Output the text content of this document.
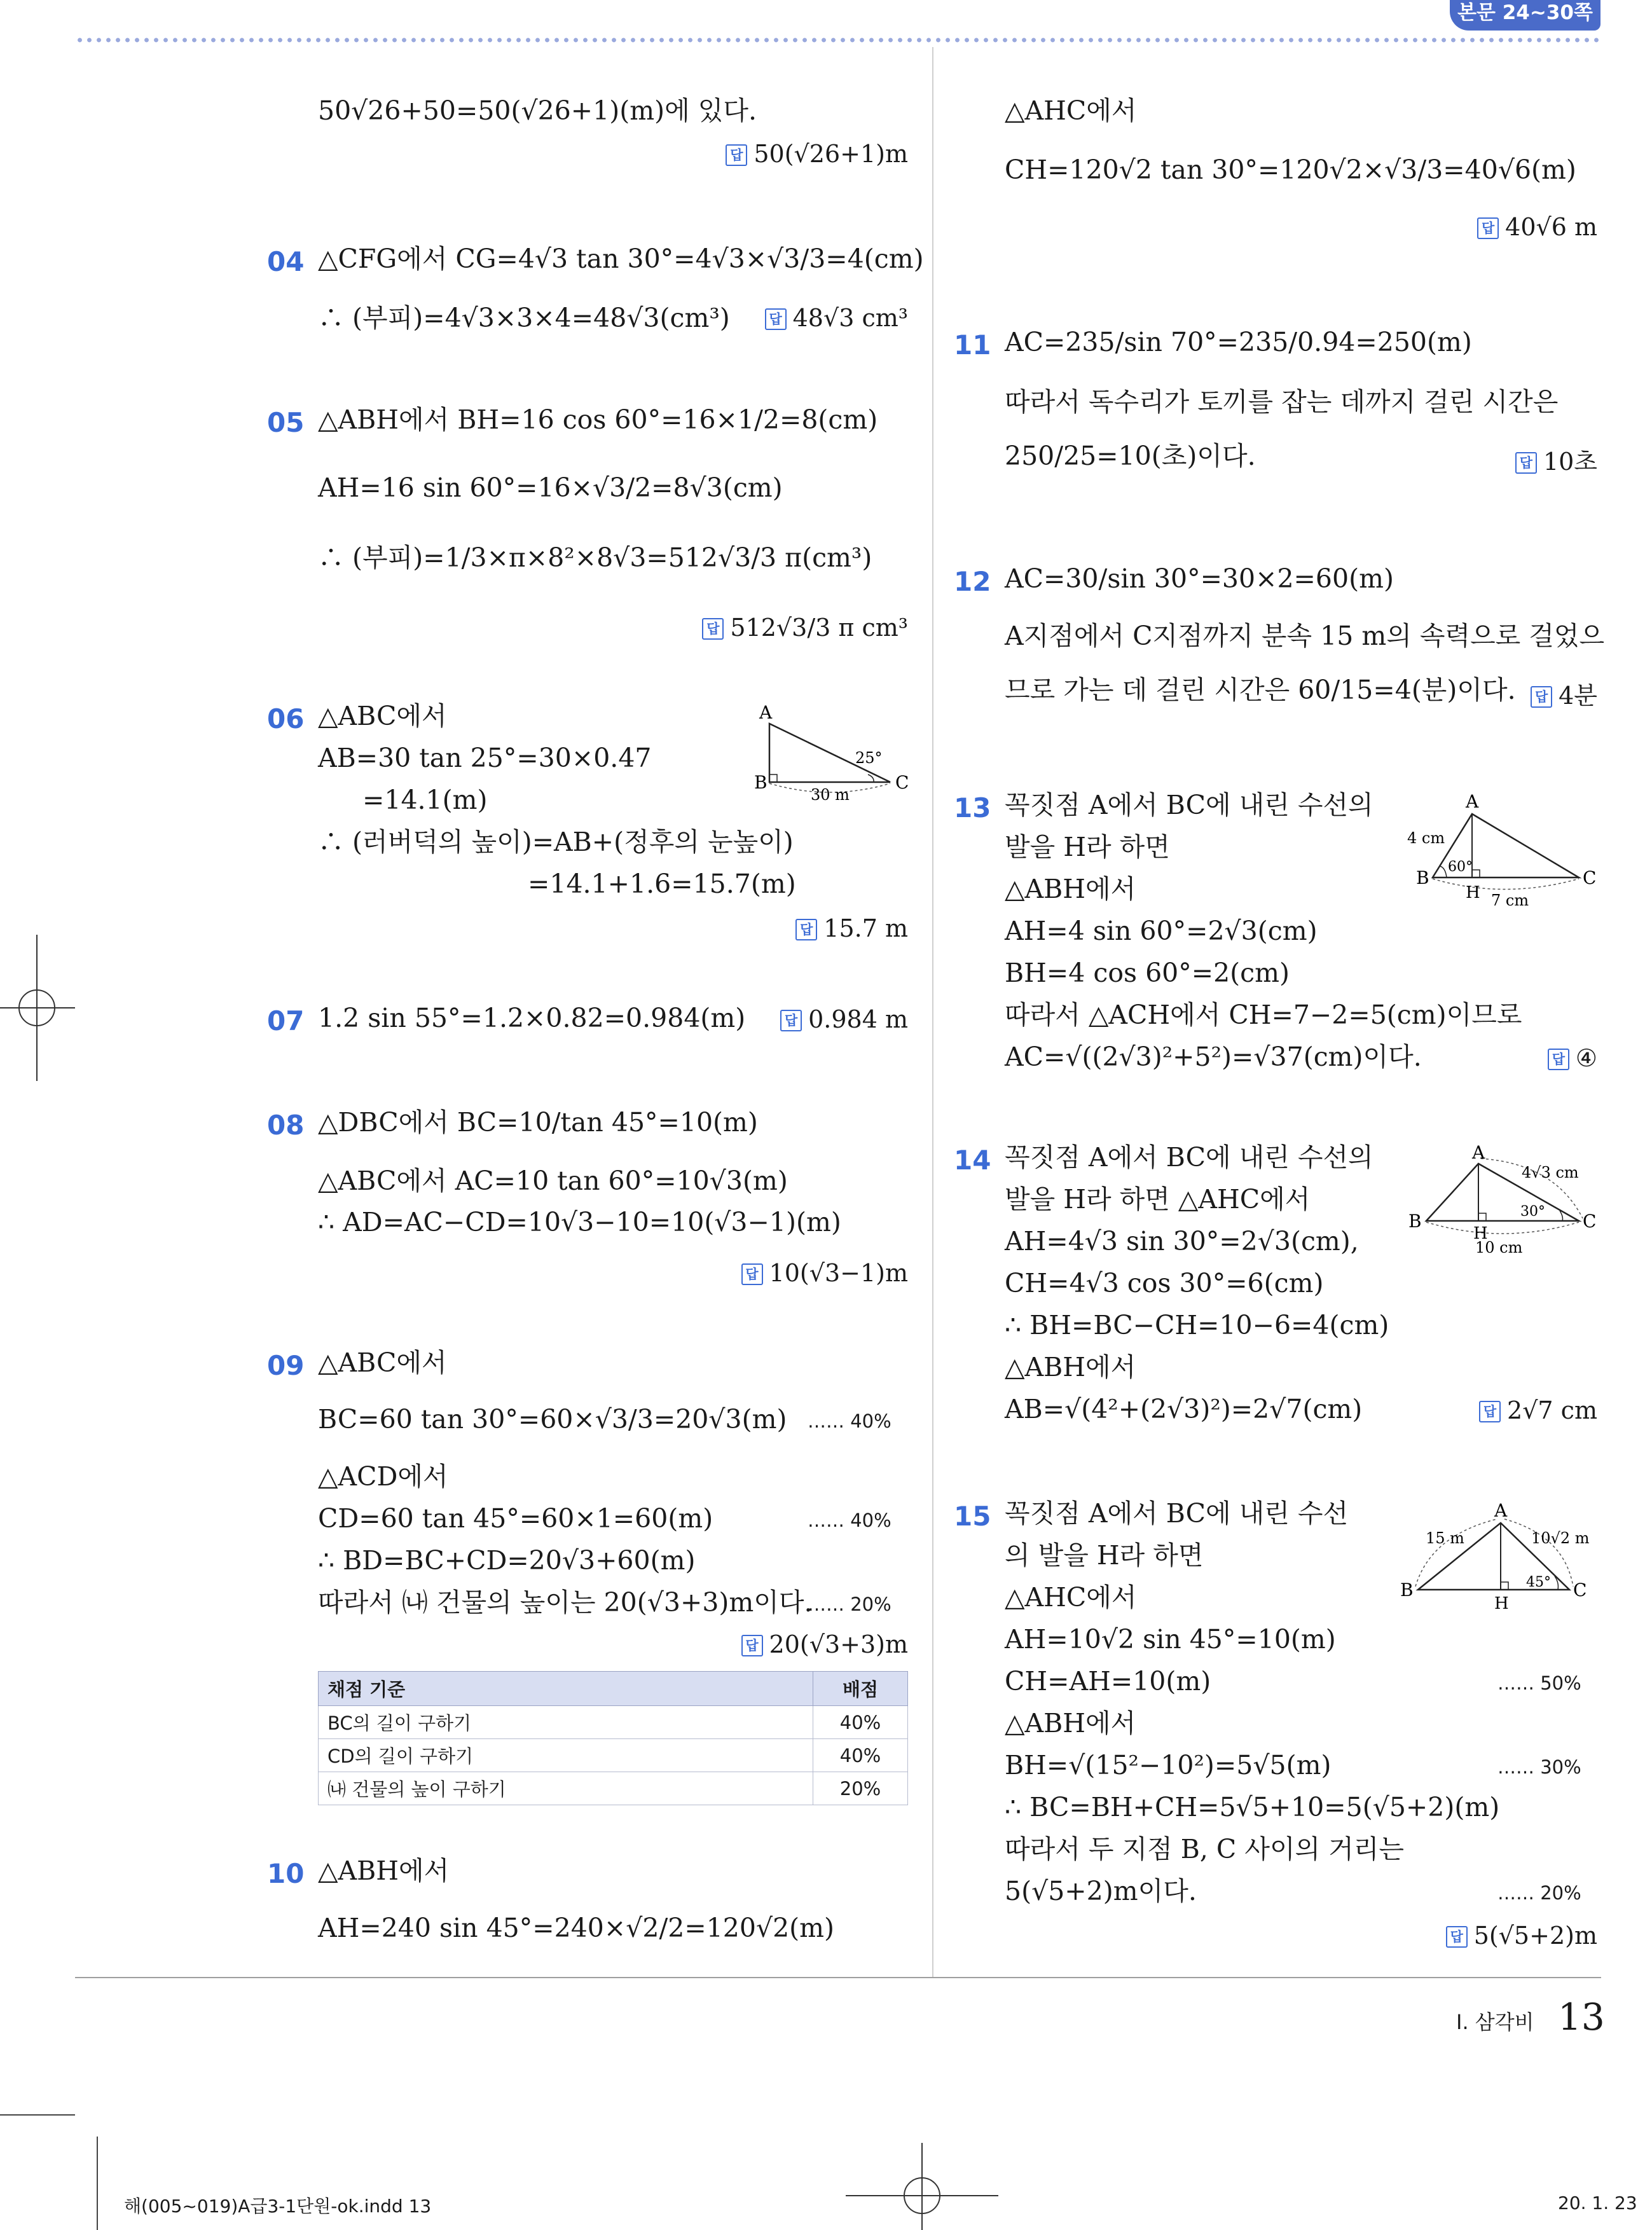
본문 24~30쪽
50√26+50=50(√26+1)(m)에 있다.
답 50(√26+1)m
04 △CFG에서 CG=4√3 tan 30°=4√3×√3/3=4(cm)
∴ (부피)=4√3×3×4=48√3(cm³)	답 48√3 cm³
05 △ABH에서 BH=16 cos 60°=16×1/2=8(cm)
AH=16 sin 60°=16×√3/2=8√3(cm)
∴ (부피)=1/3×π×8²×8√3=512√3/3 π(cm³)
답 512√3/3 π cm³
06 △ABC에서
AB=30 tan 25°=30×0.47
=14.1(m)
∴ (러버덕의 높이)=AB+(정후의 눈높이)
=14.1+1.6=15.7(m)
답 15.7 m
A
B	C
25°
30 m
07 1.2 sin 55°=1.2×0.82=0.984(m)	답 0.984 m
08 △DBC에서 BC=10/tan 45°=10(m)
△ABC에서 AC=10 tan 60°=10√3(m)
∴ AD=AC−CD=10√3−10=10(√3−1)(m)
답 10(√3−1)m
09 △ABC에서
BC=60 tan 30°=60×√3/3=20√3(m) …… 40%
△ACD에서
CD=60 tan 45°=60×1=60(m)	…… 40%
∴ BD=BC+CD=20√3+60(m)
따라서 ㈏ 건물의 높이는 20(√3+3)m이다.
…… 20%
답 20(√3+3)m
채점 기준	배점
BC의 길이 구하기	40%
CD의 길이 구하기	40%
㈏ 건물의 높이 구하기	20%
10 △ABH에서
AH=240 sin 45°=240×√2/2=120√2(m)
△AHC에서
CH=120√2 tan 30°=120√2×√3/3=40√6(m)
답 40√6 m
11 AC=235/sin 70°=235/0.94=250(m)
따라서 독수리가 토끼를 잡는 데까지 걸린 시간은
250/25=10(초)이다.	답 10초
12 AC=30/sin 30°=30×2=60(m)
A지점에서 C지점까지 분속 15 m의 속력으로 걸었으
므로 가는 데 걸린 시간은 60/15=4(분)이다.	답 4분
13 꼭짓점 A에서 BC에 내린 수선의
발을 H라 하면
△ABH에서
AH=4 sin 60°=2√3(cm)
BH=4 cos 60°=2(cm)
따라서 △ACH에서 CH=7−2=5(cm)이므로
AC=√((2√3)²+5²)=√37(cm)이다.	답 ④
A
B	C
H
4 cm
60°
7 cm
14 꼭짓점 A에서 BC에 내린 수선의
발을 H라 하면 △AHC에서
AH=4√3 sin 30°=2√3(cm),
CH=4√3 cos 30°=6(cm)
∴ BH=BC−CH=10−6=4(cm)
△ABH에서
AB=√(4²+(2√3)²)=2√7(cm)	답 2√7 cm
A
B	C
H
4√3 cm
30°
10 cm
15 꼭짓점 A에서 BC에 내린 수선
의 발을 H라 하면
△AHC에서
AH=10√2 sin 45°=10(m)
CH=AH=10(m)	…… 50%
△ABH에서
BH=√(15²−10²)=5√5(m)	…… 30%
∴ BC=BH+CH=5√5+10=5(√5+2)(m)
따라서 두 지점 B, C 사이의 거리는
5(√5+2)m이다.	…… 20%
답 5(√5+2)m
A
B	C
H
15 m	10√2 m
45°
Ⅰ. 삼각비 13
해(005~019)A급3-1단원-ok.indd 13	20. 1. 23
